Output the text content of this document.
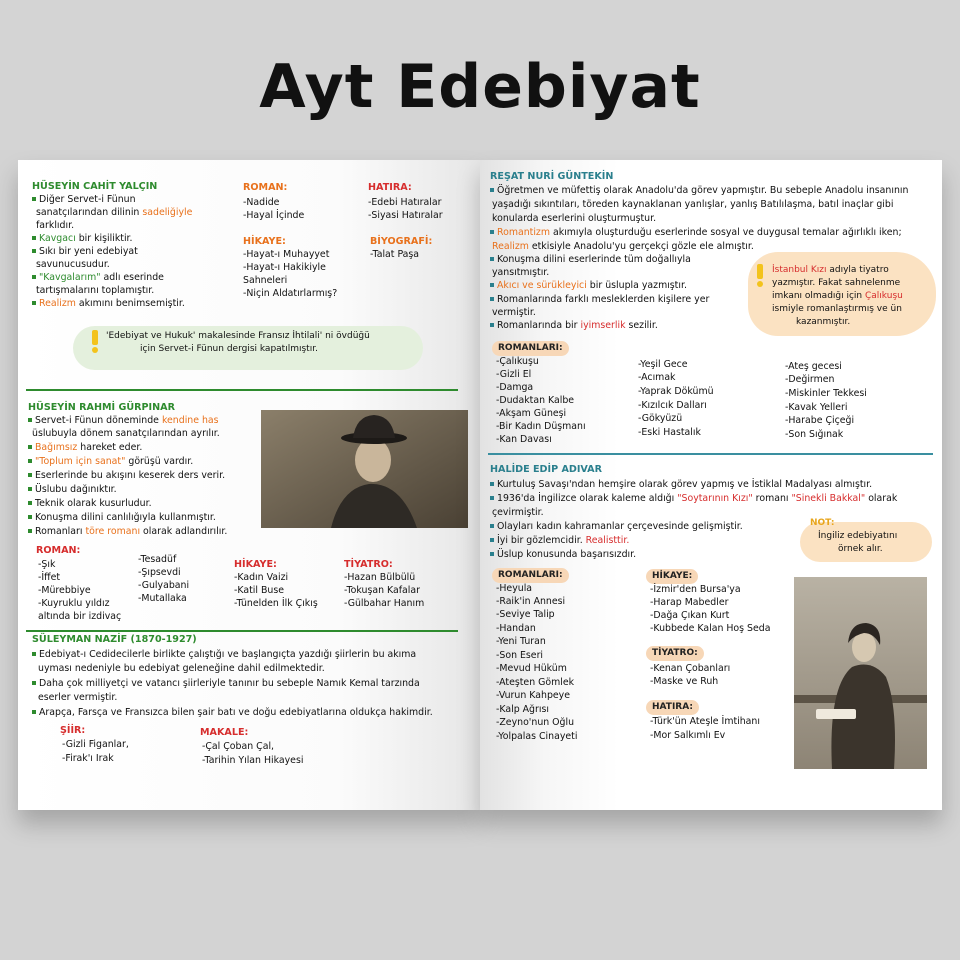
Ayt Edebiyat
HÜSEYİN CAHİT YALÇIN
Diğer Servet-i Fünun
sanatçılarından dilinin sadeliğiyle
farklıdır.
Kavgacı bir kişiliktir.
Sıkı bir yeni edebiyat
savunucusudur.
"Kavgalarım" adlı eserinde
tartışmalarını toplamıştır.
Realizm akımını benimsemiştir.
ROMAN:
-Nadide
-Hayal İçinde
HİKAYE:
-Hayat-ı Muhayyet
-Hayat-ı Hakikiyle
Sahneleri
-Niçin Aldatırlarmış?
HATIRA:
-Edebi Hatıralar
-Siyasi Hatıralar
BİYOGRAFİ:
-Talat Paşa
'Edebiyat ve Hukuk' makalesinde Fransız İhtilali' ni övdüğü
için Servet-i Fünun dergisi kapatılmıştır.
HÜSEYİN RAHMİ GÜRPINAR
Servet-i Fünun döneminde kendine has
üslubuyla dönem sanatçılarından ayrılır.
Bağımsız hareket eder.
"Toplum için sanat" görüşü vardır.
Eserlerinde bu akışını keserek ders verir.
Üslubu dağınıktır.
Teknik olarak kusurludur.
Konuşma dilini canlılığıyla kullanmıştır.
Romanları töre romanı olarak adlandırılır.
ROMAN:
-Şık
-İffet
-Mürebbiye
-Kuyruklu yıldız
altında bir izdivaç
-Tesadüf
-Şıpsevdi
-Gulyabani
-Mutallaka
HİKAYE:
-Kadın Vaizi
-Katil Buse
-Tünelden İlk Çıkış
TİYATRO:
-Hazan Bülbülü
-Tokuşan Kafalar
-Gülbahar Hanım
SÜLEYMAN NAZİF (1870-1927)
Edebiyat-ı Cedidecilerle birlikte çalıştığı ve başlangıçta yazdığı şiirlerin bu akıma
uyması nedeniyle bu edebiyat geleneğine dahil edilmektedir.
Daha çok milliyetçi ve vatancı şiirleriyle tanınır bu sebeple Namık Kemal tarzında
eserler vermiştir.
Arapça, Farsça ve Fransızca bilen şair batı ve doğu edebiyatlarına oldukça hakimdir.
ŞİİR:
-Gizli Figanlar,
-Firak'ı Irak
MAKALE:
-Çal Çoban Çal,
-Tarihin Yılan Hikayesi
REŞAT NURİ GÜNTEKİN
Öğretmen ve müfettiş olarak Anadolu'da görev yapmıştır. Bu sebeple Anadolu insanının
yaşadığı sıkıntıları, töreden kaynaklanan yanlışlar, yanlış Batılılaşma, batıl inaçlar gibi
konularda eserlerini oluşturmuştur.
Romantizm akımıyla oluşturduğu eserlerinde sosyal ve duygusal temalar ağırlıklı iken;
Realizm etkisiyle Anadolu'yu gerçekçi gözle ele almıştır.
Konuşma dilini eserlerinde tüm doğallıyla
yansıtmıştır.
Akıcı ve sürükleyici bir üslupla yazmıştır.
Romanlarında farklı mesleklerden kişilere yer
vermiştir.
Romanlarında bir iyimserlik sezilir.
İstanbul Kızı adıyla tiyatro
yazmıştır. Fakat sahnelenme
imkanı olmadığı için Çalıkuşu
ismiyle romanlaştırmış ve ün
kazanmıştır.
ROMANLARI:
-Çalıkuşu
-Gizli El
-Damga
-Dudaktan Kalbe
-Akşam Güneşi
-Bir Kadın Düşmanı
-Kan Davası
-Yeşil Gece
-Acımak
-Yaprak Dökümü
-Kızılcık Dalları
-Gökyüzü
-Eski Hastalık
-Ateş gecesi
-Değirmen
-Miskinler Tekkesi
-Kavak Yelleri
-Harabe Çiçeği
-Son Sığınak
HALİDE EDİP ADIVAR
Kurtuluş Savaşı'ndan hemşire olarak görev yapmış ve İstiklal Madalyası almıştır.
1936'da İngilizce olarak kaleme aldığı "Soytarının Kızı" romanı "Sinekli Bakkal" olarak
çevirmiştir.
Olayları kadın kahramanlar çerçevesinde gelişmiştir.
İyi bir gözlemcidir. Realisttir.
Üslup konusunda başarısızdır.
NOT:
İngiliz edebiyatını
örnek alır.
ROMANLARI:
-Heyula
-Raik'in Annesi
-Seviye Talip
-Handan
-Yeni Turan
-Son Eseri
-Mevud Hüküm
-Ateşten Gömlek
-Vurun Kahpeye
-Kalp Ağrısı
-Zeyno'nun Oğlu
-Yolpalas Cinayeti
HİKAYE:
-İzmir'den Bursa'ya
-Harap Mabedler
-Dağa Çıkan Kurt
-Kubbede Kalan Hoş Seda
TİYATRO:
-Kenan Çobanları
-Maske ve Ruh
HATIRA:
-Türk'ün Ateşle İmtihanı
-Mor Salkımlı Ev
